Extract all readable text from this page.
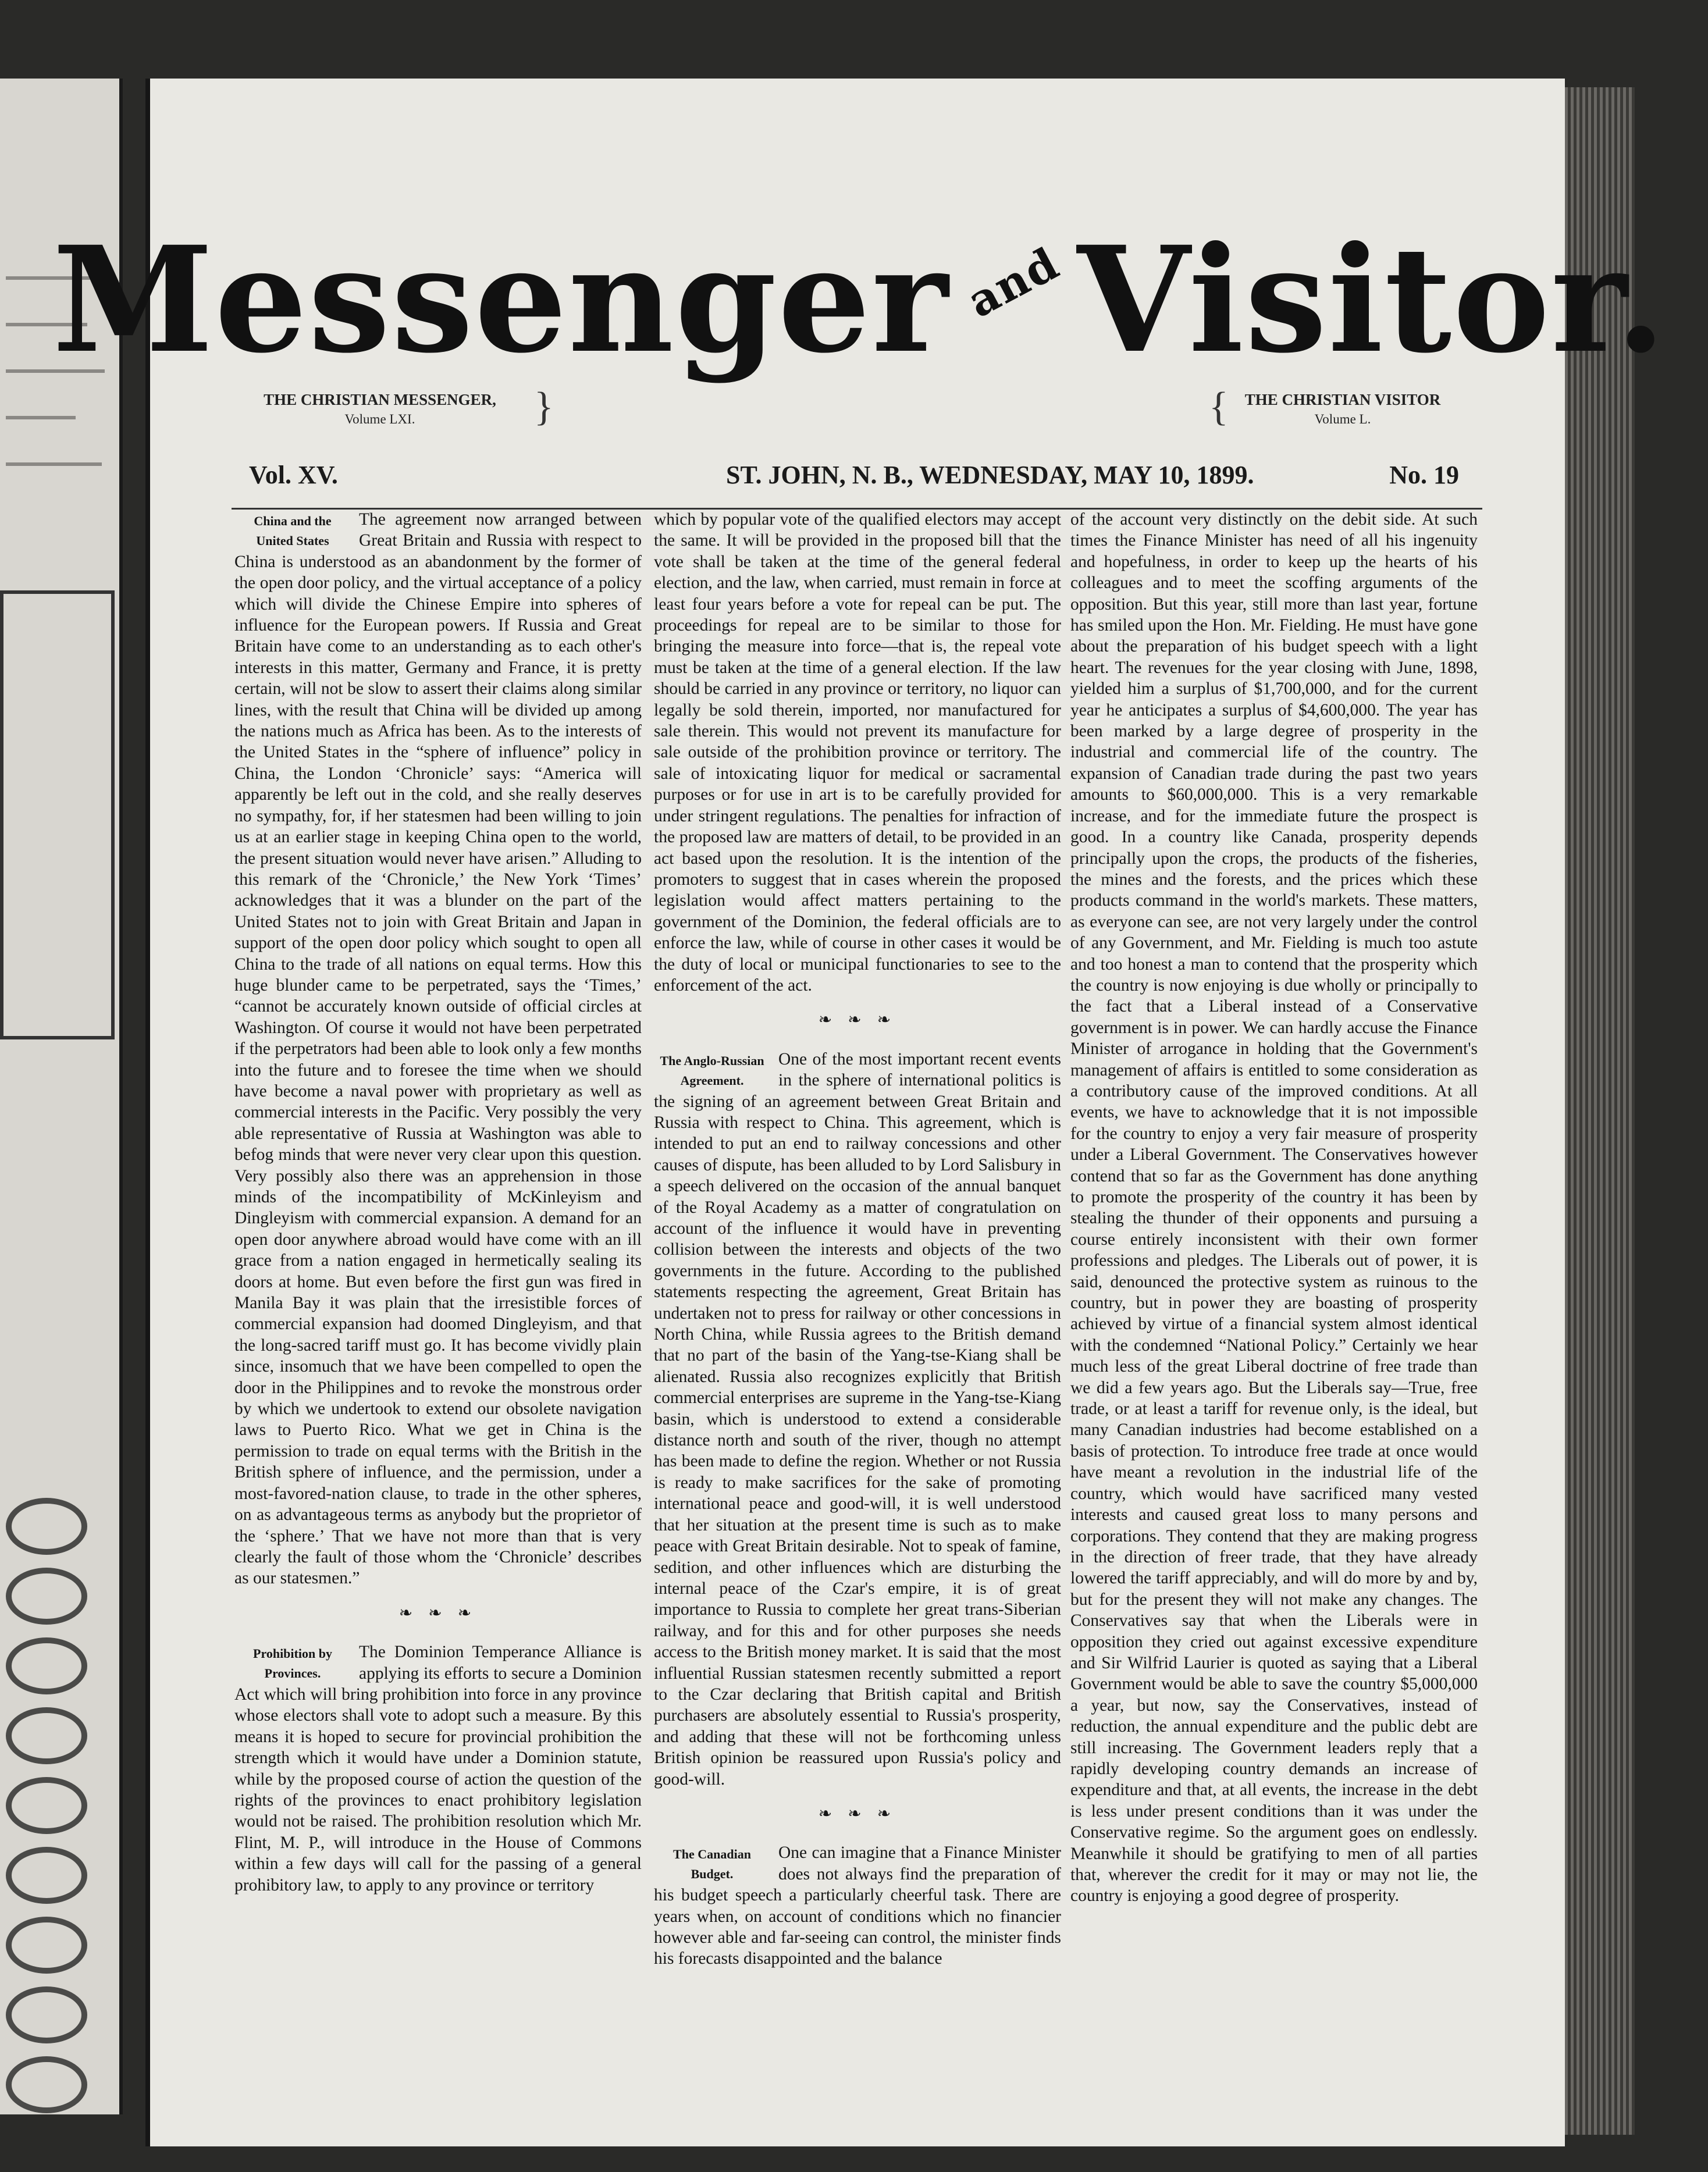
Messenger and Visitor.
THE CHRISTIAN MESSENGER,
Volume LXI.	}	{	THE CHRISTIAN VISITOR
Volume L.
Vol. XV.	ST. JOHN, N. B., WEDNESDAY, MAY 10, 1899.	No. 19
China and the
United States

The agreement now arranged between Great Britain and Russia with respect to China is understood as an abandonment by the former of the open door policy, and the virtual acceptance of a policy which will divide the Chinese Empire into spheres of influence for the European powers. If Russia and Great Britain have come to an understanding as to each other's interests in this matter, Germany and France, it is pretty certain, will not be slow to assert their claims along similar lines, with the result that China will be divided up among the nations much as Africa has been. As to the interests of the United States in the “sphere of influence” policy in China, the London ‘Chronicle’ says: “America will apparently be left out in the cold, and she really deserves no sympathy, for, if her statesmen had been willing to join us at an earlier stage in keeping China open to the world, the present situation would never have arisen.” Alluding to this remark of the ‘Chronicle,’ the New York ‘Times’ acknowledges that it was a blunder on the part of the United States not to join with Great Britain and Japan in support of the open door policy which sought to open all China to the trade of all nations on equal terms. How this huge blunder came to be perpetrated, says the ‘Times,’ “cannot be accurately known outside of official circles at Washington. Of course it would not have been perpetrated if the perpetrators had been able to look only a few months into the future and to foresee the time when we should have become a naval power with proprietary as well as commercial interests in the Pacific. Very possibly the very able representative of Russia at Washington was able to befog minds that were never very clear upon this question. Very possibly also there was an apprehension in those minds of the incompatibility of McKinleyism and Dingleyism with commercial expansion. A demand for an open door anywhere abroad would have come with an ill grace from a nation engaged in hermetically sealing its doors at home. But even before the first gun was fired in Manila Bay it was plain that the irresistible forces of commercial expansion had doomed Dingleyism, and that the long-sacred tariff must go. It has become vividly plain since, insomuch that we have been compelled to open the door in the Philippines and to revoke the monstrous order by which we undertook to extend our obsolete navigation laws to Puerto Rico. What we get in China is the permission to trade on equal terms with the British in the British sphere of influence, and the permission, under a most-favored-nation clause, to trade in the other spheres, on as advantageous terms as anybody but the proprietor of the ‘sphere.’ That we have not more than that is very clearly the fault of those whom the ‘Chronicle’ describes as our statesmen.”

❧ ❧ ❧
Prohibition by
Provinces.

The Dominion Temperance Alliance is applying its efforts to secure a Dominion Act which will bring prohibition into force in any province whose electors shall vote to adopt such a measure. By this means it is hoped to secure for provincial prohibition the strength which it would have under a Dominion statute, while by the proposed course of action the question of the rights of the provinces to enact prohibitory legislation would not be raised. The prohibition resolution which Mr. Flint, M. P., will introduce in the House of Commons within a few days will call for the passing of a general prohibitory law, to apply to any province or territory

which by popular vote of the qualified electors may accept the same. It will be provided in the proposed bill that the vote shall be taken at the time of the general federal election, and the law, when carried, must remain in force at least four years before a vote for repeal can be put. The proceedings for repeal are to be similar to those for bringing the measure into force—that is, the repeal vote must be taken at the time of a general election. If the law should be carried in any province or territory, no liquor can legally be sold therein, imported, nor manufactured for sale therein. This would not prevent its manufacture for sale outside of the prohibition province or territory. The sale of intoxicating liquor for medical or sacramental purposes or for use in art is to be carefully provided for under stringent regulations. The penalties for infraction of the proposed law are matters of detail, to be provided in an act based upon the resolution. It is the intention of the promoters to suggest that in cases wherein the proposed legislation would affect matters pertaining to the government of the Dominion, the federal officials are to enforce the law, while of course in other cases it would be the duty of local or municipal functionaries to see to the enforcement of the act.

❧ ❧ ❧
The Anglo-Russian
Agreement.

One of the most important recent events in the sphere of international politics is the signing of an agreement between Great Britain and Russia with respect to China. This agreement, which is intended to put an end to railway concessions and other causes of dispute, has been alluded to by Lord Salisbury in a speech delivered on the occasion of the annual banquet of the Royal Academy as a matter of congratulation on account of the influence it would have in preventing collision between the interests and objects of the two governments in the future. According to the published statements respecting the agreement, Great Britain has undertaken not to press for railway or other concessions in North China, while Russia agrees to the British demand that no part of the basin of the Yang-tse-Kiang shall be alienated. Russia also recognizes explicitly that British commercial enterprises are supreme in the Yang-tse-Kiang basin, which is understood to extend a considerable distance north and south of the river, though no attempt has been made to define the region. Whether or not Russia is ready to make sacrifices for the sake of promoting international peace and good-will, it is well understood that her situation at the present time is such as to make peace with Great Britain desirable. Not to speak of famine, sedition, and other influences which are disturbing the internal peace of the Czar's empire, it is of great importance to Russia to complete her great trans-Siberian railway, and for this and for other purposes she needs access to the British money market. It is said that the most influential Russian statesmen recently submitted a report to the Czar declaring that British capital and British purchasers are absolutely essential to Russia's prosperity, and adding that these will not be forthcoming unless British opinion be reassured upon Russia's policy and good-will.

❧ ❧ ❧
The Canadian
Budget.

One can imagine that a Finance Minister does not always find the preparation of his budget speech a particularly cheerful task. There are years when, on account of conditions which no financier however able and far-seeing can control, the minister finds his forecasts disappointed and the balance

of the account very distinctly on the debit side. At such times the Finance Minister has need of all his ingenuity and hopefulness, in order to keep up the hearts of his colleagues and to meet the scoffing arguments of the opposition. But this year, still more than last year, fortune has smiled upon the Hon. Mr. Fielding. He must have gone about the preparation of his budget speech with a light heart. The revenues for the year closing with June, 1898, yielded him a surplus of $1,700,000, and for the current year he anticipates a surplus of $4,600,000. The year has been marked by a large degree of prosperity in the industrial and commercial life of the country. The expansion of Canadian trade during the past two years amounts to $60,000,000. This is a very remarkable increase, and for the immediate future the prospect is good. In a country like Canada, prosperity depends principally upon the crops, the products of the fisheries, the mines and the forests, and the prices which these products command in the world's markets. These matters, as everyone can see, are not very largely under the control of any Government, and Mr. Fielding is much too astute and too honest a man to contend that the prosperity which the country is now enjoying is due wholly or principally to the fact that a Liberal instead of a Conservative government is in power. We can hardly accuse the Finance Minister of arrogance in holding that the Government's management of affairs is entitled to some consideration as a contributory cause of the improved conditions. At all events, we have to acknowledge that it is not impossible for the country to enjoy a very fair measure of prosperity under a Liberal Government. The Conservatives however contend that so far as the Government has done anything to promote the prosperity of the country it has been by stealing the thunder of their opponents and pursuing a course entirely inconsistent with their own former professions and pledges. The Liberals out of power, it is said, denounced the protective system as ruinous to the country, but in power they are boasting of prosperity achieved by virtue of a financial system almost identical with the condemned “National Policy.” Certainly we hear much less of the great Liberal doctrine of free trade than we did a few years ago. But the Liberals say—True, free trade, or at least a tariff for revenue only, is the ideal, but many Canadian industries had become established on a basis of protection. To introduce free trade at once would have meant a revolution in the industrial life of the country, which would have sacrificed many vested interests and caused great loss to many persons and corporations. They contend that they are making progress in the direction of freer trade, that they have already lowered the tariff appreciably, and will do more by and by, but for the present they will not make any changes. The Conservatives say that when the Liberals were in opposition they cried out against excessive expenditure and Sir Wilfrid Laurier is quoted as saying that a Liberal Government would be able to save the country $5,000,000 a year, but now, say the Conservatives, instead of reduction, the annual expenditure and the public debt are still increasing. The Government leaders reply that a rapidly developing country demands an increase of expenditure and that, at all events, the increase in the debt is less under present conditions than it was under the Conservative regime. So the argument goes on endlessly. Meanwhile it should be gratifying to men of all parties that, wherever the credit for it may or may not lie, the country is enjoying a good degree of prosperity.
